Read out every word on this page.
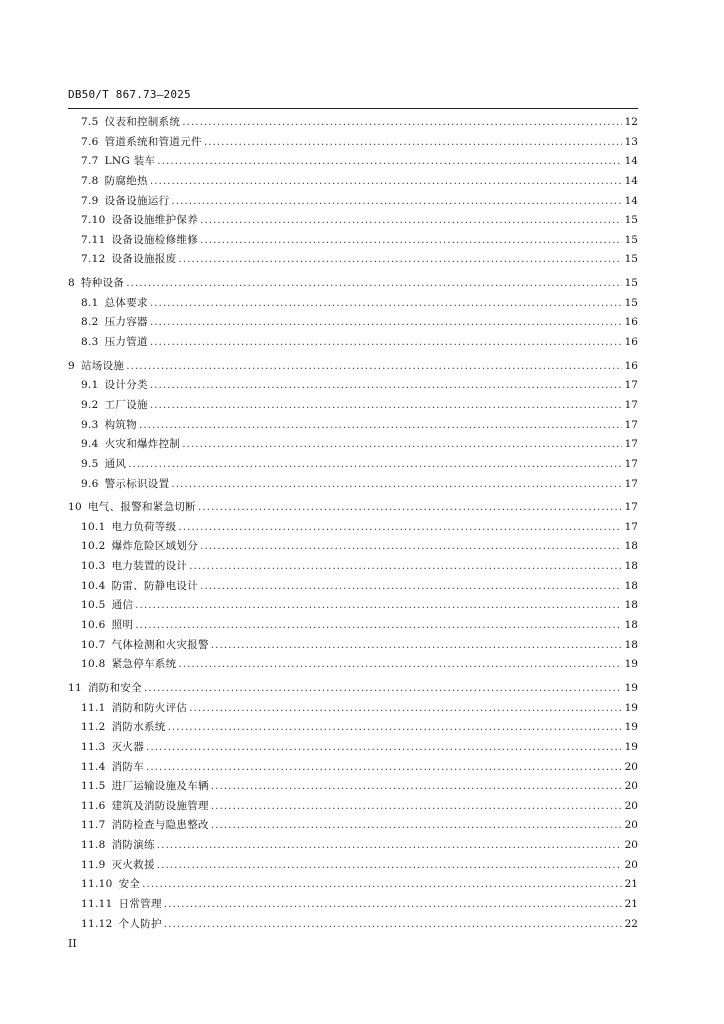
DB50/T 867.73—2025
7.5 仪表和控制系统 .....	12
7.6 管道系统和管道元件 .....	13
7.7 LNG 装车 .....	14
7.8 防腐绝热 .....	14
7.9 设备设施运行 .....	14
7.10 设备设施维护保养 .....	15
7.11 设备设施检修维修 .....	15
7.12 设备设施报废 .....	15
8 特种设备 .....	15
8.1 总体要求 .....	15
8.2 压力容器 .....	16
8.3 压力管道 .....	16
9 站场设施 .....	16
9.1 设计分类 .....	17
9.2 工厂设施 .....	17
9.3 构筑物 .....	17
9.4 火灾和爆炸控制 .....	17
9.5 通风 .....	17
9.6 警示标识设置 .....	17
10 电气、报警和紧急切断 .....	17
10.1 电力负荷等级 .....	17
10.2 爆炸危险区域划分 .....	18
10.3 电力装置的设计 .....	18
10.4 防雷、防静电设计 .....	18
10.5 通信 .....	18
10.6 照明 .....	18
10.7 气体检测和火灾报警 .....	18
10.8 紧急停车系统 .....	19
11 消防和安全 .....	19
11.1 消防和防火评估 .....	19
11.2 消防水系统 .....	19
11.3 灭火器 .....	19
11.4 消防车 .....	20
11.5 进厂运输设施及车辆 .....	20
11.6 建筑及消防设施管理 .....	20
11.7 消防检查与隐患整改 .....	20
11.8 消防演练 .....	20
11.9 灭火救援 .....	20
11.10 安全 .....	21
11.11 日常管理 .....	21
11.12 个人防护 .....	22
II
